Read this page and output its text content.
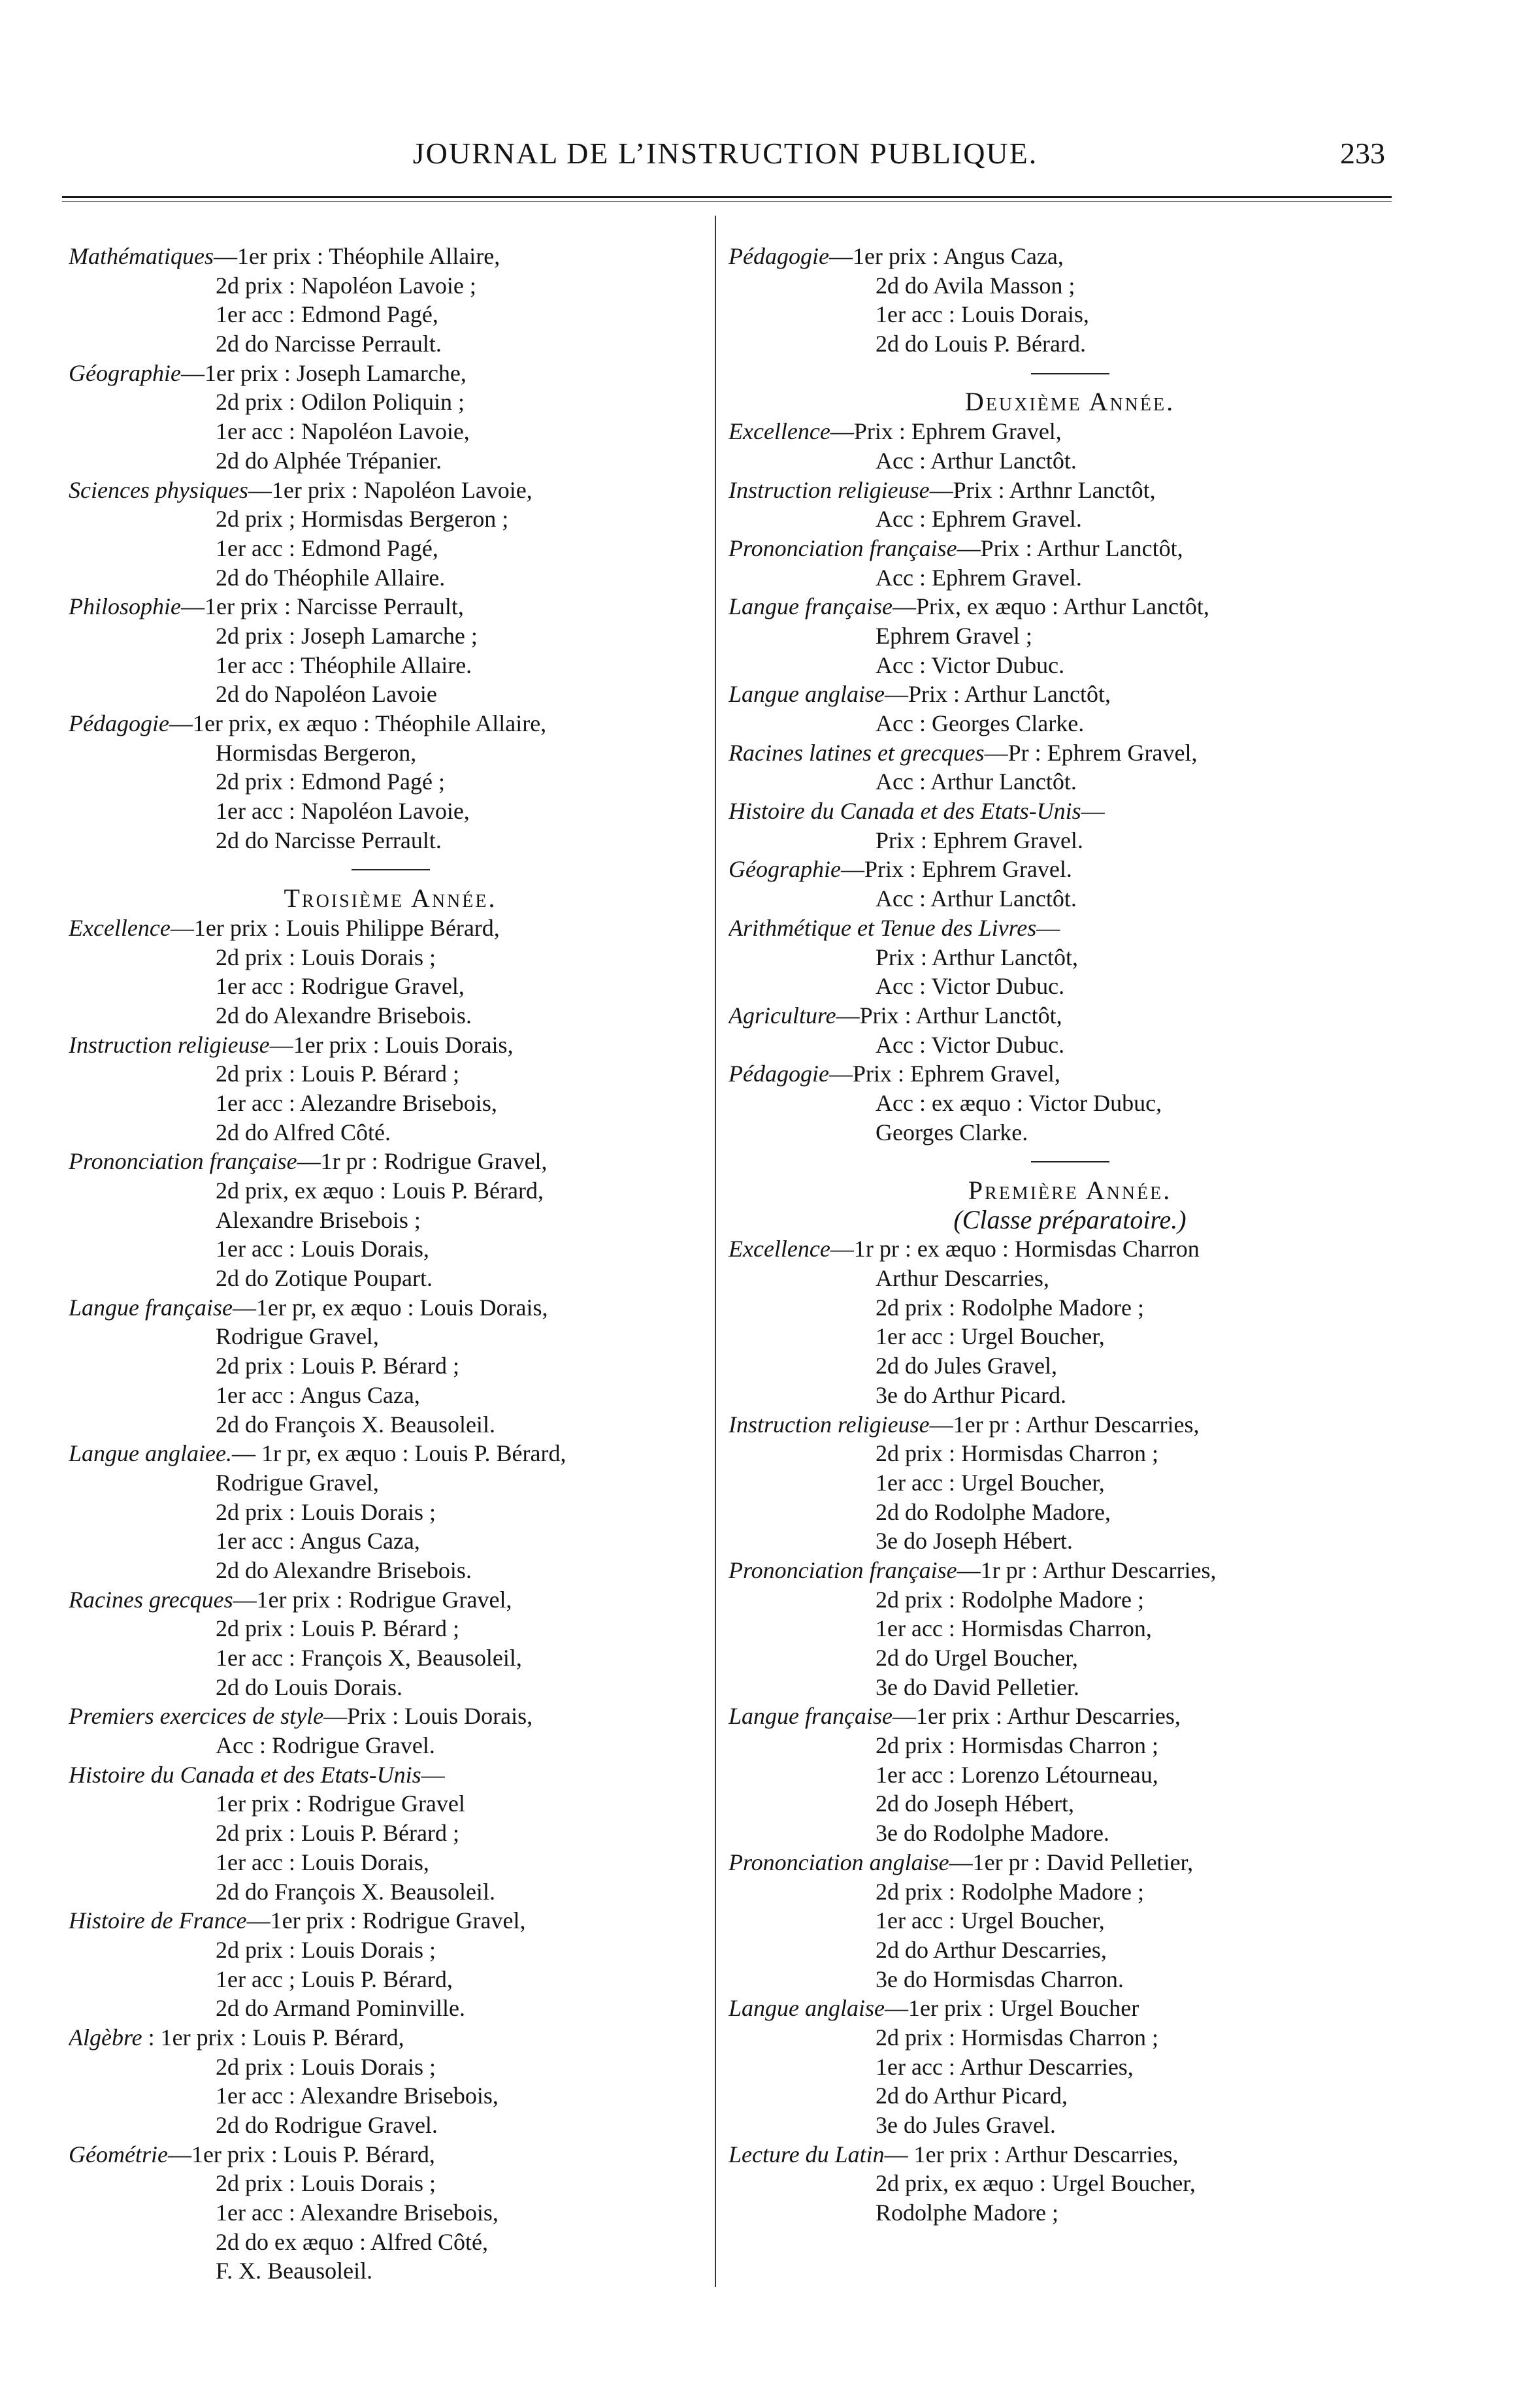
JOURNAL DE L’INSTRUCTION PUBLIQUE.	233
Mathématiques—1er prix : Théophile Allaire,
2d prix : Napoléon Lavoie ;
1er acc : Edmond Pagé,
2d do Narcisse Perrault.
Géographie—1er prix : Joseph Lamarche,
2d prix : Odilon Poliquin ;
1er acc : Napoléon Lavoie,
2d do Alphée Trépanier.
Sciences physiques—1er prix : Napoléon Lavoie,
2d prix ; Hormisdas Bergeron ;
1er acc : Edmond Pagé,
2d do Théophile Allaire.
Philosophie—1er prix : Narcisse Perrault,
2d prix : Joseph Lamarche ;
1er acc : Théophile Allaire.
2d do Napoléon Lavoie
Pédagogie—1er prix, ex æquo : Théophile Allaire,
Hormisdas Bergeron,
2d prix : Edmond Pagé ;
1er acc : Napoléon Lavoie,
2d do Narcisse Perrault.
Troisième Année.
Excellence—1er prix : Louis Philippe Bérard,
2d prix : Louis Dorais ;
1er acc : Rodrigue Gravel,
2d do Alexandre Brisebois.
Instruction religieuse—1er prix : Louis Dorais,
2d prix : Louis P. Bérard ;
1er acc : Alezandre Brisebois,
2d do Alfred Côté.
Prononciation française—1r pr : Rodrigue Gravel,
2d prix, ex æquo : Louis P. Bérard,
Alexandre Brisebois ;
1er acc : Louis Dorais,
2d do Zotique Poupart.
Langue française—1er pr, ex æquo : Louis Dorais,
Rodrigue Gravel,
2d prix : Louis P. Bérard ;
1er acc : Angus Caza,
2d do François X. Beausoleil.
Langue anglaiee.— 1r pr, ex æquo : Louis P. Bérard,
Rodrigue Gravel,
2d prix : Louis Dorais ;
1er acc : Angus Caza,
2d do Alexandre Brisebois.
Racines grecques—1er prix : Rodrigue Gravel,
2d prix : Louis P. Bérard ;
1er acc : François X, Beausoleil,
2d do Louis Dorais.
Premiers exercices de style—Prix : Louis Dorais,
Acc : Rodrigue Gravel.
Histoire du Canada et des Etats-Unis—
1er prix : Rodrigue Gravel
2d prix : Louis P. Bérard ;
1er acc : Louis Dorais,
2d do François X. Beausoleil.
Histoire de France—1er prix : Rodrigue Gravel,
2d prix : Louis Dorais ;
1er acc ; Louis P. Bérard,
2d do Armand Pominville.
Algèbre : 1er prix : Louis P. Bérard,
2d prix : Louis Dorais ;
1er acc : Alexandre Brisebois,
2d do Rodrigue Gravel.
Géométrie—1er prix : Louis P. Bérard,
2d prix : Louis Dorais ;
1er acc : Alexandre Brisebois,
2d do ex æquo : Alfred Côté,
F. X. Beausoleil.
Pédagogie—1er prix : Angus Caza,
2d do Avila Masson ;
1er acc : Louis Dorais,
2d do Louis P. Bérard.
Deuxième Année.
Excellence—Prix : Ephrem Gravel,
Acc : Arthur Lanctôt.
Instruction religieuse—Prix : Arthnr Lanctôt,
Acc : Ephrem Gravel.
Prononciation française—Prix : Arthur Lanctôt,
Acc : Ephrem Gravel.
Langue française—Prix, ex æquo : Arthur Lanctôt,
Ephrem Gravel ;
Acc : Victor Dubuc.
Langue anglaise—Prix : Arthur Lanctôt,
Acc : Georges Clarke.
Racines latines et grecques—Pr : Ephrem Gravel,
Acc : Arthur Lanctôt.
Histoire du Canada et des Etats-Unis—
Prix : Ephrem Gravel.
Géographie—Prix : Ephrem Gravel.
Acc : Arthur Lanctôt.
Arithmétique et Tenue des Livres—
Prix : Arthur Lanctôt,
Acc : Victor Dubuc.
Agriculture—Prix : Arthur Lanctôt,
Acc : Victor Dubuc.
Pédagogie—Prix : Ephrem Gravel,
Acc : ex æquo : Victor Dubuc,
Georges Clarke.
Première Année.
(Classe préparatoire.)
Excellence—1r pr : ex æquo : Hormisdas Charron
Arthur Descarries,
2d prix : Rodolphe Madore ;
1er acc : Urgel Boucher,
2d do Jules Gravel,
3e do Arthur Picard.
Instruction religieuse—1er pr : Arthur Descarries,
2d prix : Hormisdas Charron ;
1er acc : Urgel Boucher,
2d do Rodolphe Madore,
3e do Joseph Hébert.
Prononciation française—1r pr : Arthur Descarries,
2d prix : Rodolphe Madore ;
1er acc : Hormisdas Charron,
2d do Urgel Boucher,
3e do David Pelletier.
Langue française—1er prix : Arthur Descarries,
2d prix : Hormisdas Charron ;
1er acc : Lorenzo Létourneau,
2d do Joseph Hébert,
3e do Rodolphe Madore.
Prononciation anglaise—1er pr : David Pelletier,
2d prix : Rodolphe Madore ;
1er acc : Urgel Boucher,
2d do Arthur Descarries,
3e do Hormisdas Charron.
Langue anglaise—1er prix : Urgel Boucher
2d prix : Hormisdas Charron ;
1er acc : Arthur Descarries,
2d do Arthur Picard,
3e do Jules Gravel.
Lecture du Latin— 1er prix : Arthur Descarries,
2d prix, ex æquo : Urgel Boucher,
Rodolphe Madore ;
